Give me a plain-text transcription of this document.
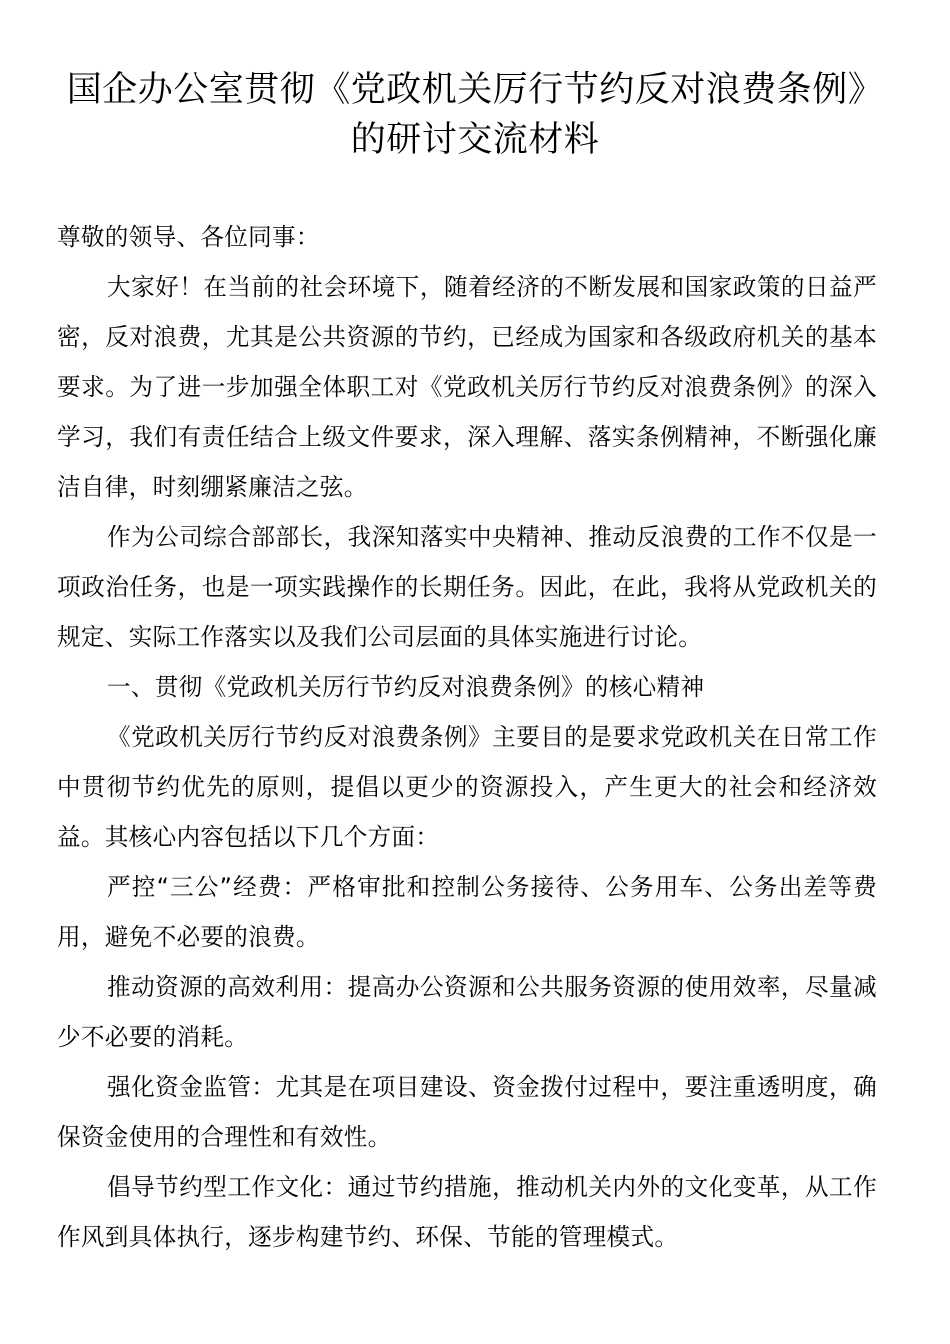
国企办公室贯彻《党政机关厉行节约反对浪费条例》
的研讨交流材料

尊敬的领导、各位同事：

大家好！在当前的社会环境下，随着经济的不断发展和国家政策的日益严密，反对浪费，尤其是公共资源的节约，已经成为国家和各级政府机关的基本要求。为了进一步加强全体职工对《党政机关厉行节约反对浪费条例》的深入学习，我们有责任结合上级文件要求，深入理解、落实条例精神，不断强化廉洁自律，时刻绷紧廉洁之弦。

作为公司综合部部长，我深知落实中央精神、推动反浪费的工作不仅是一项政治任务，也是一项实践操作的长期任务。因此，在此，我将从党政机关的规定、实际工作落实以及我们公司层面的具体实施进行讨论。

一、贯彻《党政机关厉行节约反对浪费条例》的核心精神

《党政机关厉行节约反对浪费条例》主要目的是要求党政机关在日常工作中贯彻节约优先的原则，提倡以更少的资源投入，产生更大的社会和经济效益。其核心内容包括以下几个方面：

严控“三公”经费：严格审批和控制公务接待、公务用车、公务出差等费用，避免不必要的浪费。

推动资源的高效利用：提高办公资源和公共服务资源的使用效率，尽量减少不必要的消耗。

强化资金监管：尤其是在项目建设、资金拨付过程中，要注重透明度，确保资金使用的合理性和有效性。

倡导节约型工作文化：通过节约措施，推动机关内外的文化变革，从工作作风到具体执行，逐步构建节约、环保、节能的管理模式。
